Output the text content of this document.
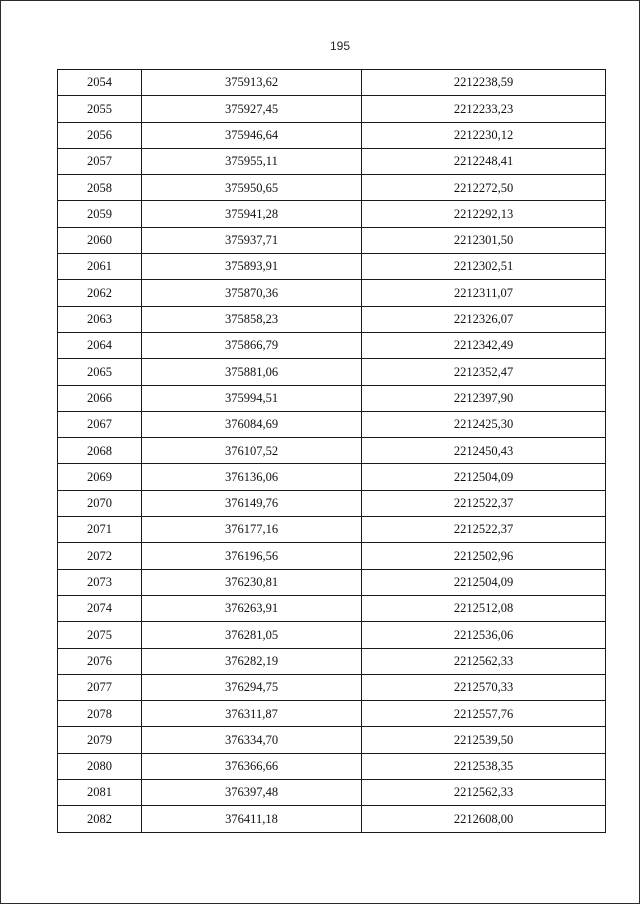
195
2054	375913,62	2212238,59
2055	375927,45	2212233,23
2056	375946,64	2212230,12
2057	375955,11	2212248,41
2058	375950,65	2212272,50
2059	375941,28	2212292,13
2060	375937,71	2212301,50
2061	375893,91	2212302,51
2062	375870,36	2212311,07
2063	375858,23	2212326,07
2064	375866,79	2212342,49
2065	375881,06	2212352,47
2066	375994,51	2212397,90
2067	376084,69	2212425,30
2068	376107,52	2212450,43
2069	376136,06	2212504,09
2070	376149,76	2212522,37
2071	376177,16	2212522,37
2072	376196,56	2212502,96
2073	376230,81	2212504,09
2074	376263,91	2212512,08
2075	376281,05	2212536,06
2076	376282,19	2212562,33
2077	376294,75	2212570,33
2078	376311,87	2212557,76
2079	376334,70	2212539,50
2080	376366,66	2212538,35
2081	376397,48	2212562,33
2082	376411,18	2212608,00
